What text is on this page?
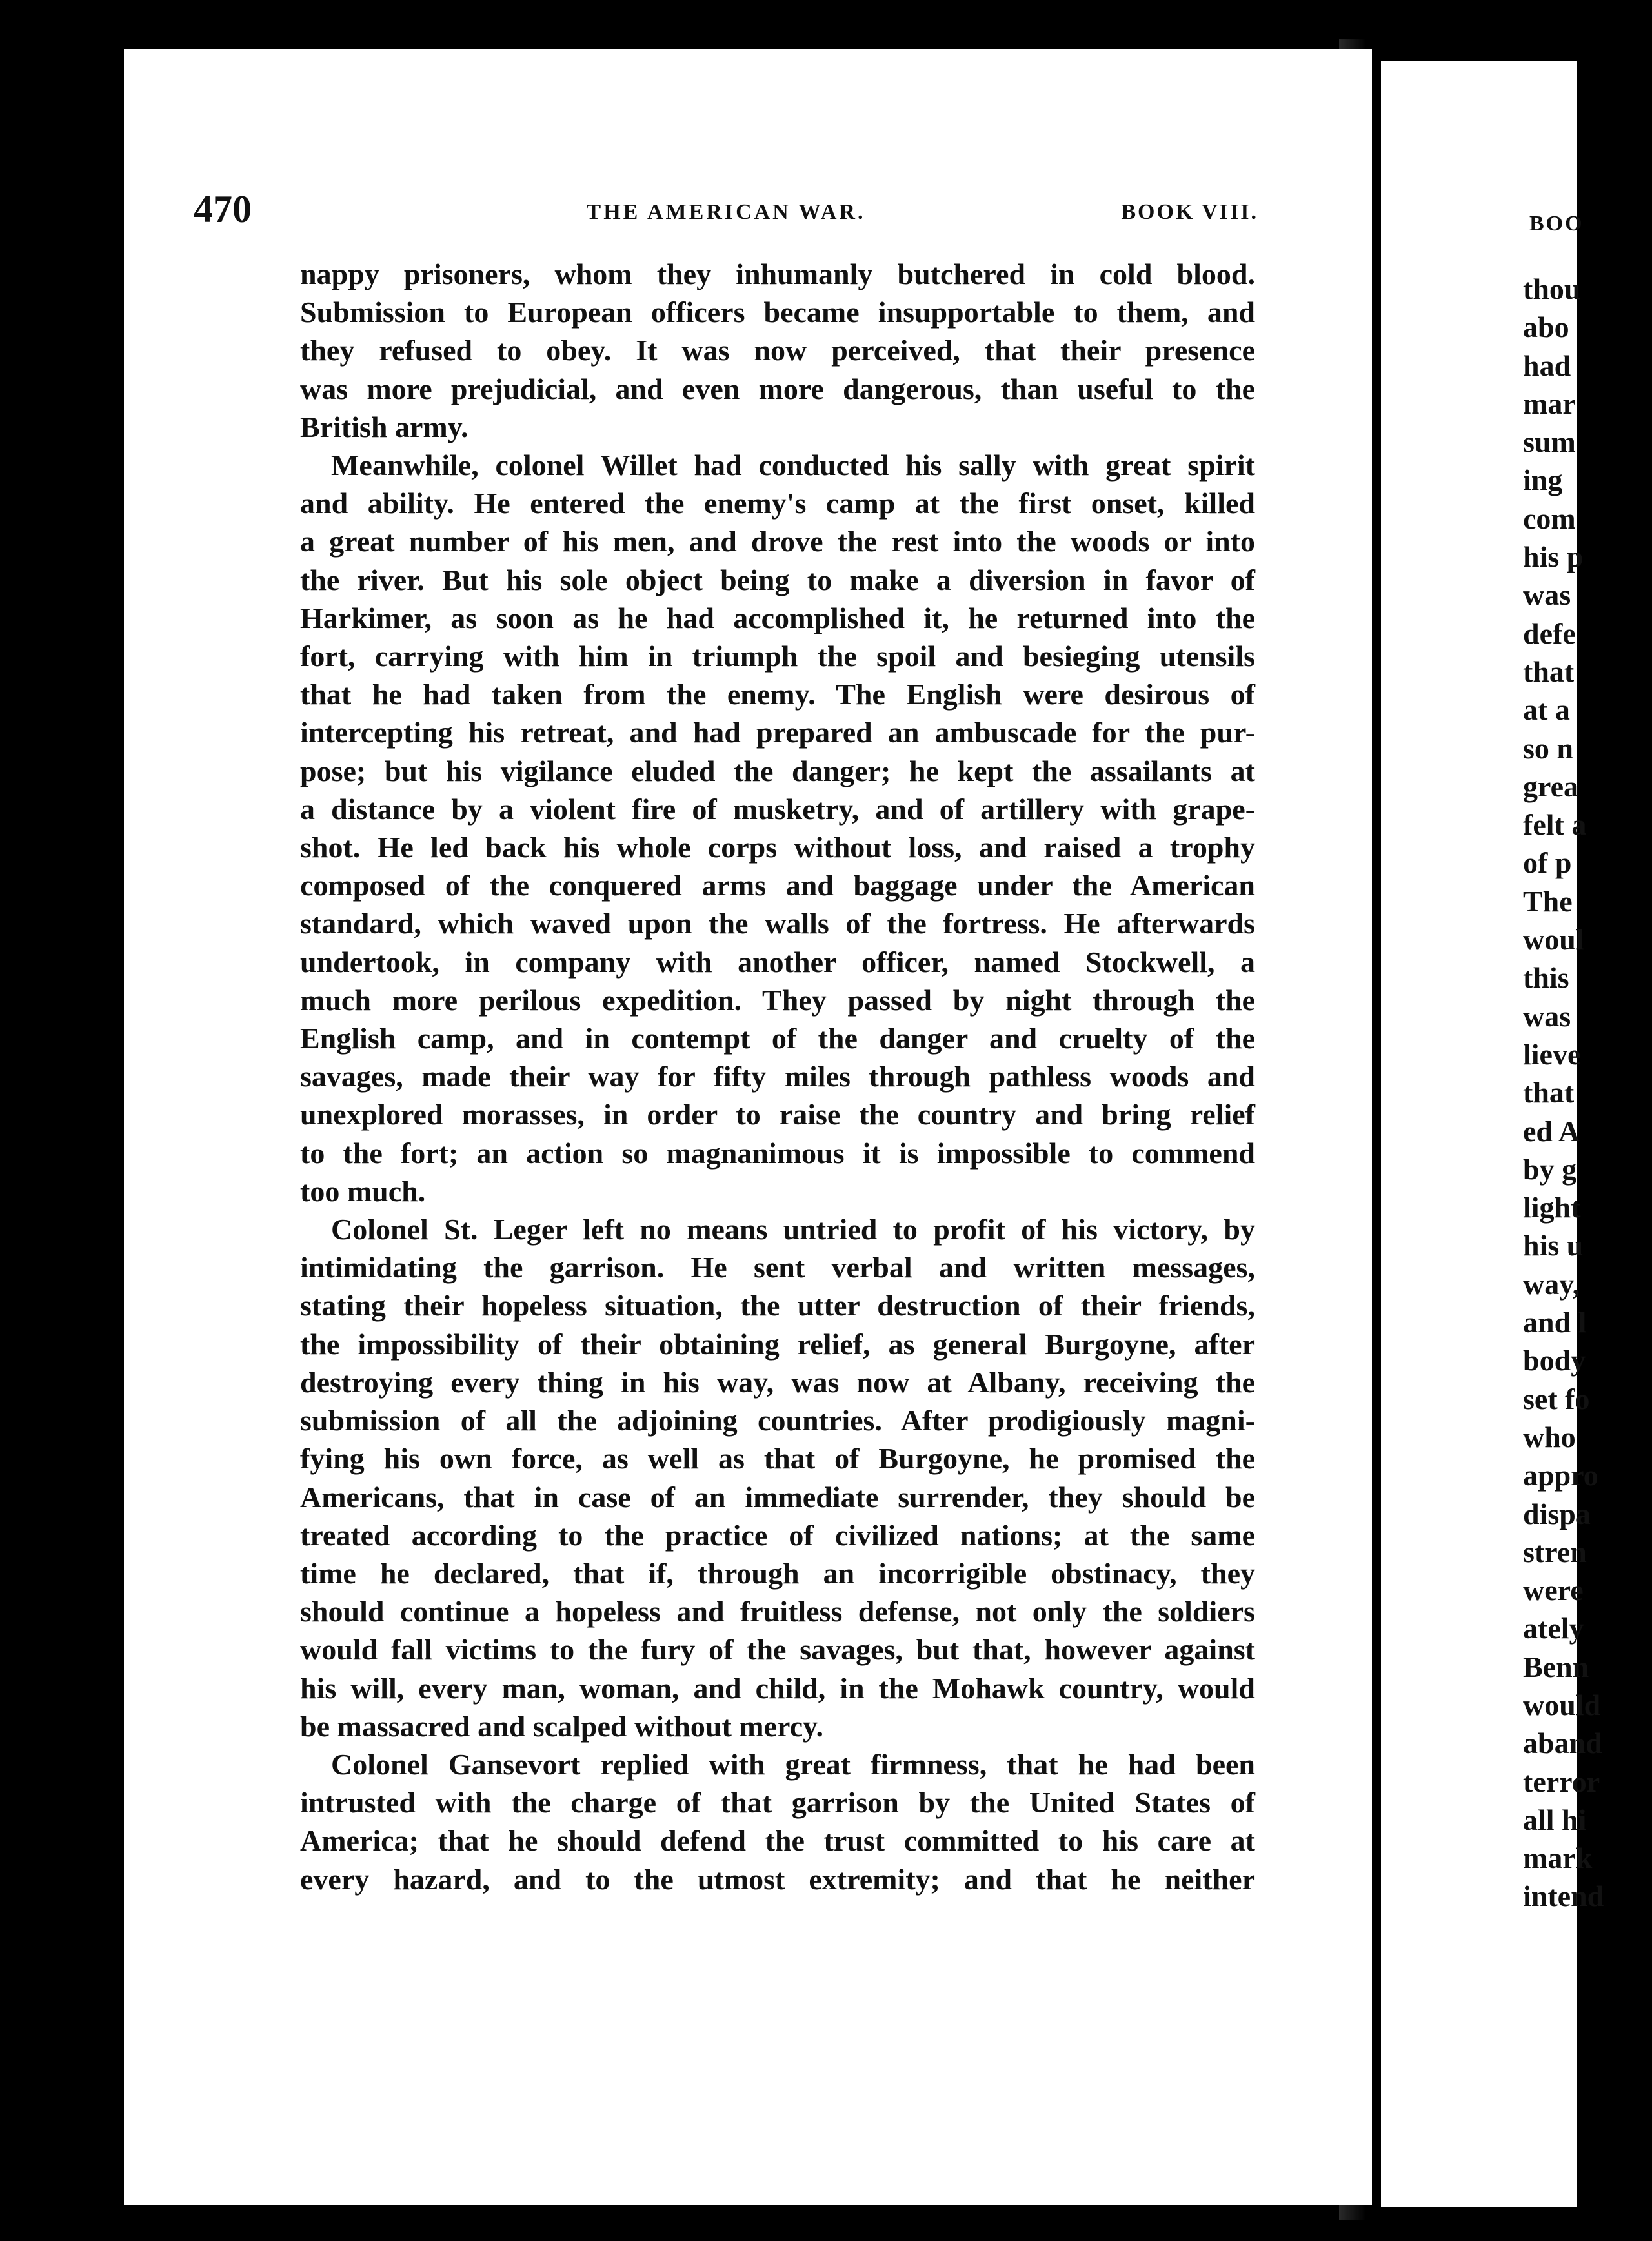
470	THE AMERICAN WAR.	BOOK VIII.
nappy prisoners, whom they inhumanly butchered in cold blood.
Submission to European officers became insupportable to them, and
they refused to obey. It was now perceived, that their presence
was more prejudicial, and even more dangerous, than useful to the
British army.
Meanwhile, colonel Willet had conducted his sally with great spirit
and ability. He entered the enemy's camp at the first onset, killed
a great number of his men, and drove the rest into the woods or into
the river. But his sole object being to make a diversion in favor of
Harkimer, as soon as he had accomplished it, he returned into the
fort, carrying with him in triumph the spoil and besieging utensils
that he had taken from the enemy. The English were desirous of
intercepting his retreat, and had prepared an ambuscade for the pur-
pose; but his vigilance eluded the danger; he kept the assailants at
a distance by a violent fire of musketry, and of artillery with grape-
shot. He led back his whole corps without loss, and raised a trophy
composed of the conquered arms and baggage under the American
standard, which waved upon the walls of the fortress. He afterwards
undertook, in company with another officer, named Stockwell, a
much more perilous expedition. They passed by night through the
English camp, and in contempt of the danger and cruelty of the
savages, made their way for fifty miles through pathless woods and
unexplored morasses, in order to raise the country and bring relief
to the fort; an action so magnanimous it is impossible to commend
too much.
Colonel St. Leger left no means untried to profit of his victory, by
intimidating the garrison. He sent verbal and written messages,
stating their hopeless situation, the utter destruction of their friends,
the impossibility of their obtaining relief, as general Burgoyne, after
destroying every thing in his way, was now at Albany, receiving the
submission of all the adjoining countries. After prodigiously magni-
fying his own force, as well as that of Burgoyne, he promised the
Americans, that in case of an immediate surrender, they should be
treated according to the practice of civilized nations; at the same
time he declared, that if, through an incorrigible obstinacy, they
should continue a hopeless and fruitless defense, not only the soldiers
would fall victims to the fury of the savages, but that, however against
his will, every man, woman, and child, in the Mohawk country, would
be massacred and scalped without mercy.
Colonel Gansevort replied with great firmness, that he had been
intrusted with the charge of that garrison by the United States of
America; that he should defend the trust committed to his care at
every hazard, and to the utmost extremity; and that he neither
BOO
thou
abo
had
mar
sum
ing
com
his p
was
defe
that
at a
so n
grea
felt a
of p
The
woul
this
was
lieve
that
ed A
by g
light
his u
way,
and l
body
set fo
who
appro
dispa
stren
were
ately
Benn
would
aband
terror
all hi
mark
intend
